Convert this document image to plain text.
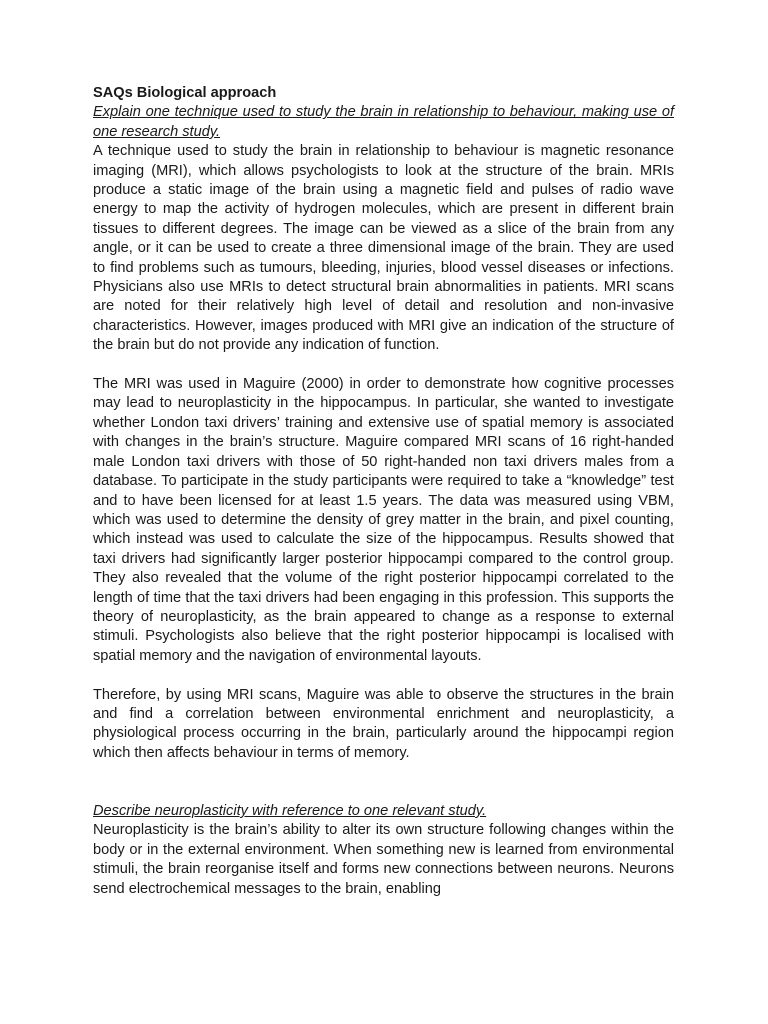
SAQs Biological approach

Explain one technique used to study the brain in relationship to behaviour, making use of one research study.

A technique used to study the brain in relationship to behaviour is magnetic resonance imaging (MRI), which allows psychologists to look at the structure of the brain. MRIs produce a static image of the brain using a magnetic field and pulses of radio wave energy to map the activity of hydrogen molecules, which are present in different brain tissues to different degrees. The image can be viewed as a slice of the brain from any angle, or it can be used to create a three dimensional image of the brain. They are used to find problems such as tumours, bleeding, injuries, blood vessel diseases or infections. Physicians also use MRIs to detect structural brain abnormalities in patients. MRI scans are noted for their relatively high level of detail and resolution and non-invasive characteristics. However, images produced with MRI give an indication of the structure of the brain but do not provide any indication of function.

The MRI was used in Maguire (2000) in order to demonstrate how cognitive processes may lead to neuroplasticity in the hippocampus. In particular, she wanted to investigate whether London taxi drivers’ training and extensive use of spatial memory is associated with changes in the brain’s structure. Maguire compared MRI scans of 16 right-handed male London taxi drivers with those of 50 right-handed non taxi drivers males from a database. To participate in the study participants were required to take a “knowledge” test and to have been licensed for at least 1.5 years. The data was measured using VBM, which was used to determine the density of grey matter in the brain, and pixel counting, which instead was used to calculate the size of the hippocampus. Results showed that taxi drivers had significantly larger posterior hippocampi compared to the control group. They also revealed that the volume of the right posterior hippocampi correlated to the length of time that the taxi drivers had been engaging in this profession. This supports the theory of neuroplasticity, as the brain appeared to change as a response to external stimuli. Psychologists also believe that the right posterior hippocampi is localised with spatial memory and the navigation of environmental layouts.

Therefore, by using MRI scans, Maguire was able to observe the structures in the brain and find a correlation between environmental enrichment and neuroplasticity, a physiological process occurring in the brain, particularly around the hippocampi region which then affects behaviour in terms of memory.

Describe neuroplasticity with reference to one relevant study.

Neuroplasticity is the brain’s ability to alter its own structure following changes within the body or in the external environment. When something new is learned from environmental stimuli, the brain reorganise itself and forms new connections between neurons. Neurons send electrochemical messages to the brain, enabling
